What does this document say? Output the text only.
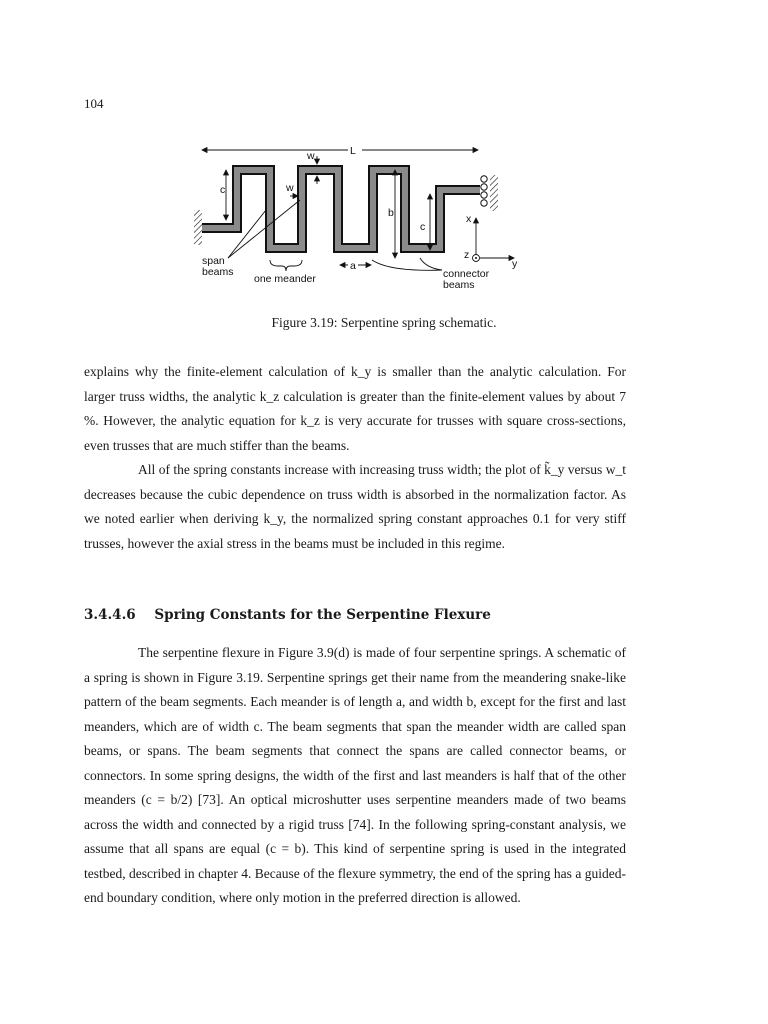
104
L
w
c	w
b
c
x
z
y
a
span
beams
one meander	connector
beams
Figure 3.19: Serpentine spring schematic.

explains why the finite-element calculation of k_y is smaller than the analytic calculation. For larger truss widths, the analytic k_z calculation is greater than the finite-element values by about 7 %. However, the analytic equation for k_z is very accurate for trusses with square cross-sections, even trusses that are much stiffer than the beams.

All of the spring constants increase with increasing truss width; the plot of k̃_y versus w_t decreases because the cubic dependence on truss width is absorbed in the normalization factor. As we noted earlier when deriving k_y, the normalized spring constant approaches 0.1 for very stiff trusses, however the axial stress in the beams must be included in this regime.

3.4.4.6 Spring Constants for the Serpentine Flexure

The serpentine flexure in Figure 3.9(d) is made of four serpentine springs. A schematic of a spring is shown in Figure 3.19. Serpentine springs get their name from the meandering snake-like pattern of the beam segments. Each meander is of length a, and width b, except for the first and last meanders, which are of width c. The beam segments that span the meander width are called span beams, or spans. The beam segments that connect the spans are called connector beams, or connectors. In some spring designs, the width of the first and last meanders is half that of the other meanders (c = b/2) [73]. An optical microshutter uses serpentine meanders made of two beams across the width and connected by a rigid truss [74]. In the following spring-constant analysis, we assume that all spans are equal (c = b). This kind of serpentine spring is used in the integrated testbed, described in chapter 4. Because of the flexure symmetry, the end of the spring has a guided-end boundary condition, where only motion in the preferred direction is allowed.
